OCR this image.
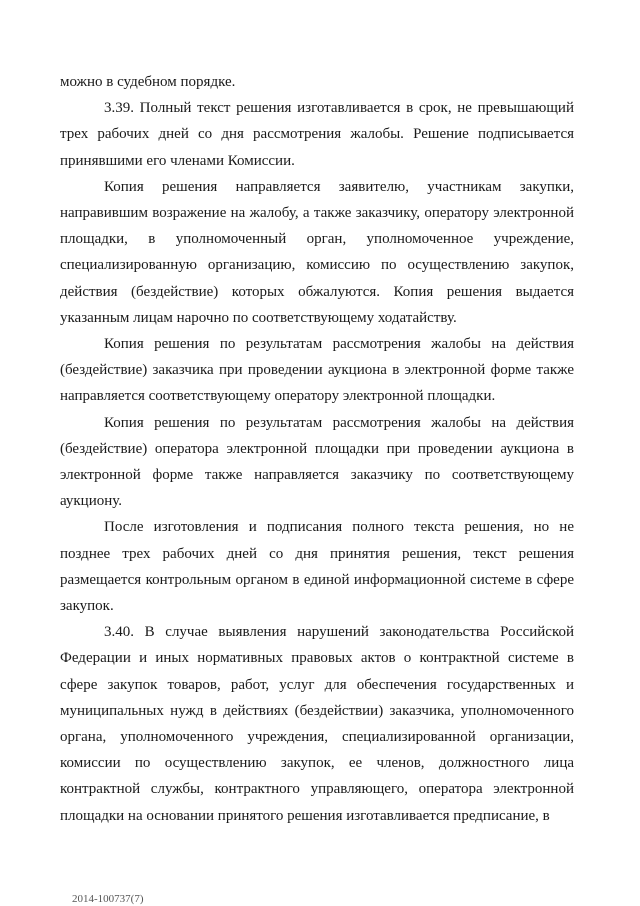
можно в судебном порядке.

3.39. Полный текст решения изготавливается в срок, не превышающий трех рабочих дней со дня рассмотрения жалобы. Решение подписывается принявшими его членами Комиссии.

Копия решения направляется заявителю, участникам закупки, направившим возражение на жалобу, а также заказчику, оператору электронной площадки, в уполномоченный орган, уполномоченное учреждение, специализированную организацию, комиссию по осуществлению закупок, действия (бездействие) которых обжалуются. Копия решения выдается указанным лицам нарочно по соответствующему ходатайству.

Копия решения по результатам рассмотрения жалобы на действия (бездействие) заказчика при проведении аукциона в электронной форме также направляется соответствующему оператору электронной площадки.

Копия решения по результатам рассмотрения жалобы на действия (бездействие) оператора электронной площадки при проведении аукциона в электронной форме также направляется заказчику по соответствующему аукциону.

После изготовления и подписания полного текста решения, но не позднее трех рабочих дней со дня принятия решения, текст решения размещается контрольным органом в единой информационной системе в сфере закупок.

3.40. В случае выявления нарушений законодательства Российской Федерации и иных нормативных правовых актов о контрактной системе в сфере закупок товаров, работ, услуг для обеспечения государственных и муниципальных нужд в действиях (бездействии) заказчика, уполномоченного органа, уполномоченного учреждения, специализированной организации, комиссии по осуществлению закупок, ее членов, должностного лица контрактной службы, контрактного управляющего, оператора электронной площадки на основании принятого решения изготавливается предписание, в

2014-100737(7)
